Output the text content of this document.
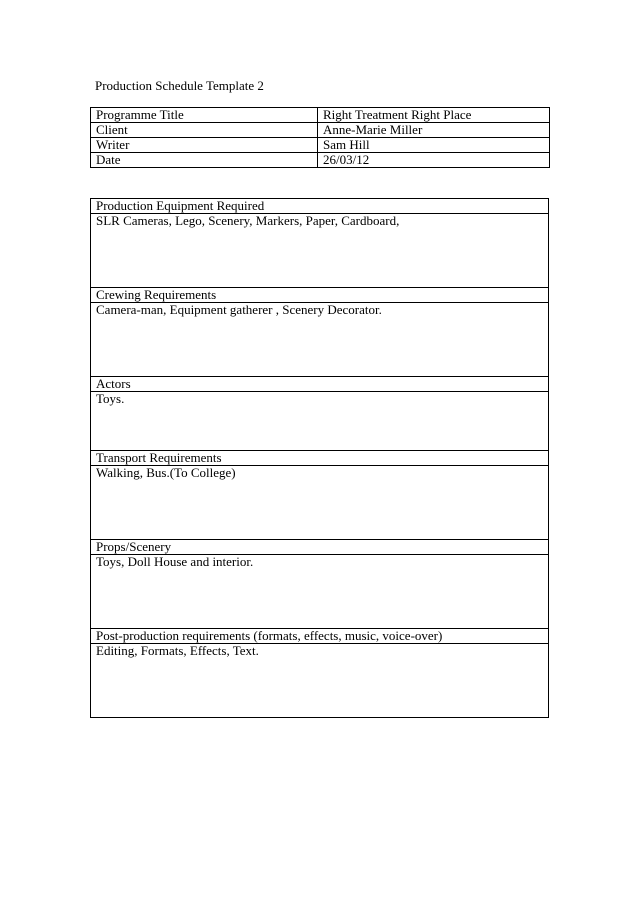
Production Schedule Template 2
Programme Title	Right Treatment Right Place
Client	Anne-Marie Miller
Writer	Sam Hill
Date	26/03/12
Production Equipment Required
SLR Cameras, Lego, Scenery, Markers, Paper, Cardboard,
Crewing Requirements
Camera-man, Equipment gatherer , Scenery Decorator.
Actors
Toys.
Transport Requirements
Walking, Bus.(To College)
Props/Scenery
Toys, Doll House and interior.
Post-production requirements (formats, effects, music, voice-over)
Editing, Formats, Effects, Text.
